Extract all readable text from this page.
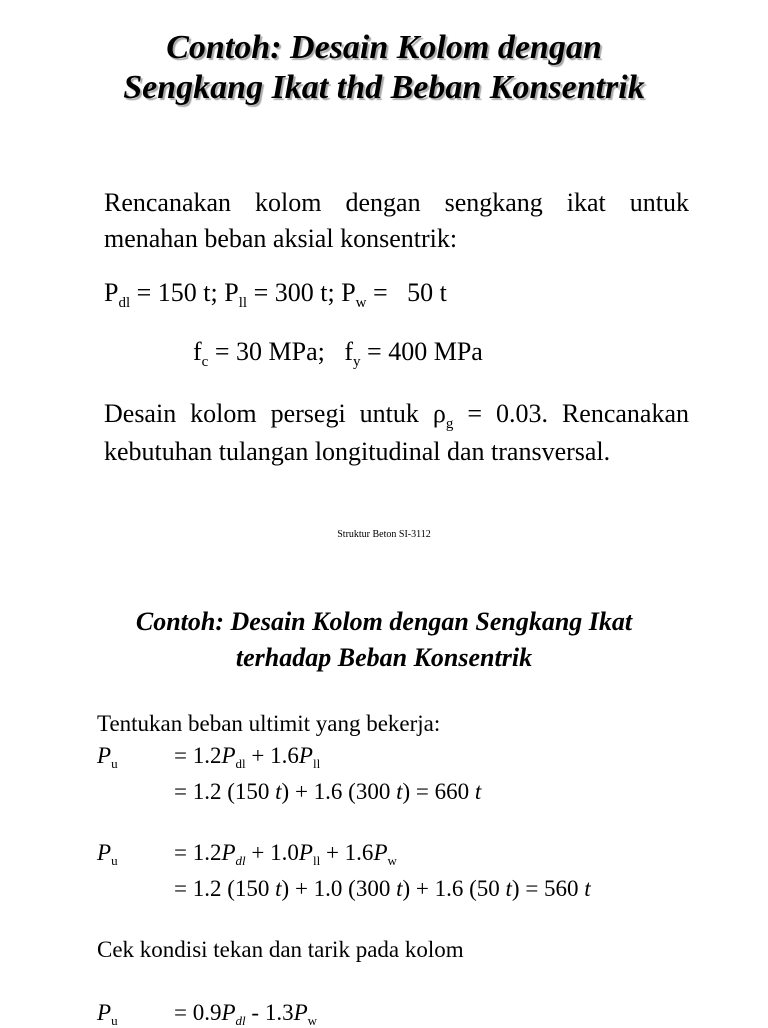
Contoh: Desain Kolom dengan
Sengkang Ikat thd Beban Konsentrik
Rencanakan kolom dengan sengkang ikat untuk menahan beban aksial konsentrik:
$P_{dl} = 150$ t; $P_{ll} = 300$ t; $P_w = 50$ t
$f_c = 30$ MPa;   $f_y = 400$ MPa
Desain kolom persegi untuk $\rho_g = 0.03$. Rencanakan kebutuhan tulangan longitudinal dan transversal.
Struktur Beton SI-3112
Contoh: Desain Kolom dengan Sengkang Ikat
terhadap Beban Konsentrik
Tentukan beban ultimit yang bekerja:
$P_u = 1.2P_{dl} + 1.6P_{ll}$
= 1.2 (150 t) + 1.6 (300 t) = 660 t
$P_u = 1.2P_{dl} + 1.0P_{ll} + 1.6P_w$
= 1.2 (150 t) + 1.0 (300 t) + 1.6 (50 t) = 560 t
Cek kondisi tekan dan tarik pada kolom
$P_u = 0.9P_{dl} - 1.3P_w$
